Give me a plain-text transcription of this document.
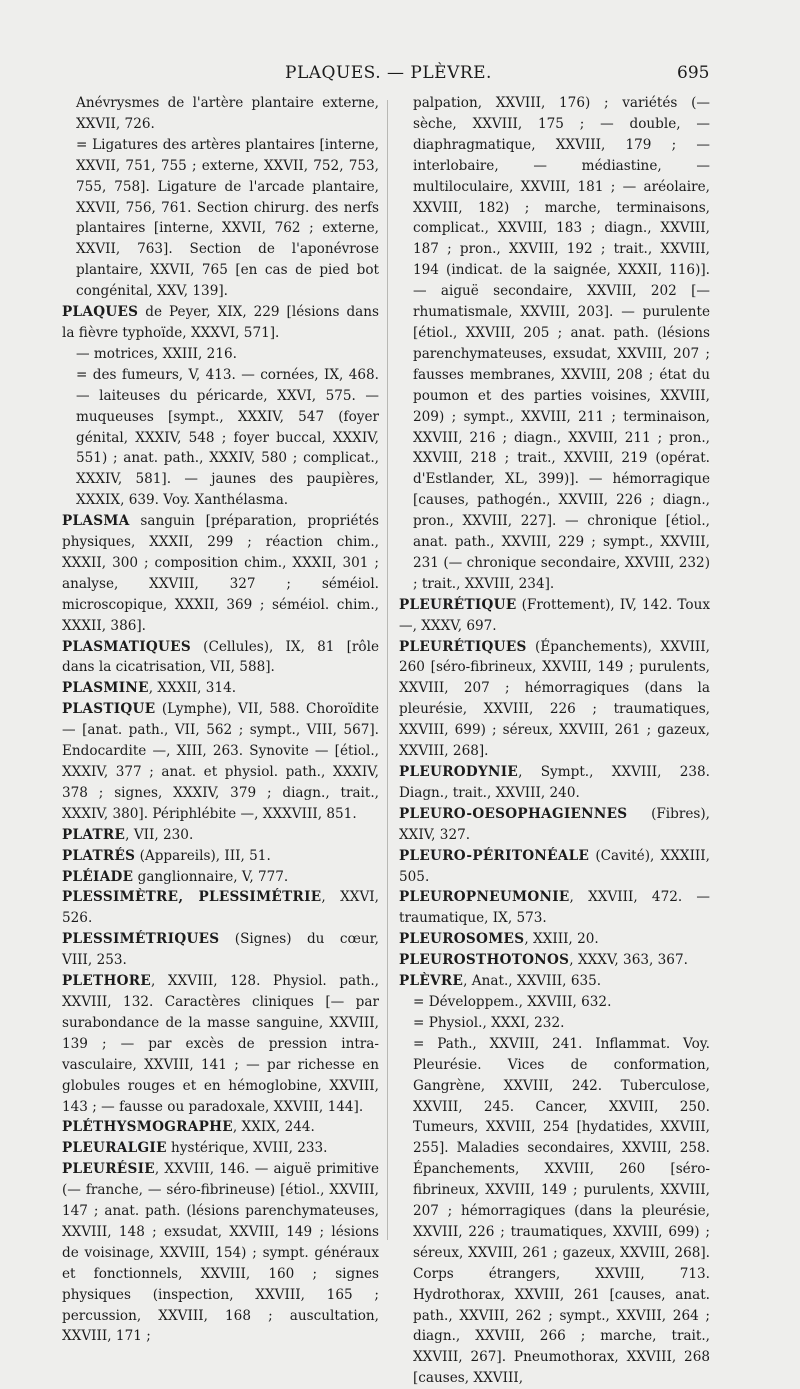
PLAQUES. — PLÈVRE.	695
Anévrysmes de l'artère plantaire externe, XXVII, 726.
= Ligatures des artères plantaires [interne, XXVII, 751, 755 ; externe, XXVII, 752, 753, 755, 758]. Ligature de l'arcade plantaire, XXVII, 756, 761. Section chirurg. des nerfs plantaires [interne, XXVII, 762 ; externe, XXVII, 763]. Section de l'aponévrose plantaire, XXVII, 765 [en cas de pied bot congénital, XXV, 139].
PLAQUES de Peyer, XIX, 229 [lésions dans la fièvre typhoïde, XXXVI, 571].
— motrices, XXIII, 216.
= des fumeurs, V, 413. — cornées, IX, 468. — laiteuses du péricarde, XXVI, 575. — muqueuses [sympt., XXXIV, 547 (foyer génital, XXXIV, 548 ; foyer buccal, XXXIV, 551) ; anat. path., XXXIV, 580 ; complicat., XXXIV, 581]. — jaunes des paupières, XXXIX, 639. Voy. Xanthélasma.
PLASMA sanguin [préparation, propriétés physiques, XXXII, 299 ; réaction chim., XXXII, 300 ; composition chim., XXXII, 301 ; analyse, XXVIII, 327 ; séméiol. microscopique, XXXII, 369 ; séméiol. chim., XXXII, 386].
PLASMATIQUES (Cellules), IX, 81 [rôle dans la cicatrisation, VII, 588].
PLASMINE, XXXII, 314.
PLASTIQUE (Lymphe), VII, 588. Choroïdite — [anat. path., VII, 562 ; sympt., VIII, 567]. Endocardite —, XIII, 263. Synovite — [étiol., XXXIV, 377 ; anat. et physiol. path., XXXIV, 378 ; signes, XXXIV, 379 ; diagn., trait., XXXIV, 380]. Périphlébite —, XXXVIII, 851.
PLATRE, VII, 230.
PLATRÉS (Appareils), III, 51.
PLÉIADE ganglionnaire, V, 777.
PLESSIMÈTRE, PLESSIMÉTRIE, XXVI, 526.
PLESSIMÉTRIQUES (Signes) du cœur, VIII, 253.
PLETHORE, XXVIII, 128. Physiol. path., XXVIII, 132. Caractères cliniques [— par surabondance de la masse sanguine, XXVIII, 139 ; — par excès de pression intra-vasculaire, XXVIII, 141 ; — par richesse en globules rouges et en hémoglobine, XXVIII, 143 ; — fausse ou paradoxale, XXVIII, 144].
PLÉTHYSMOGRAPHE, XXIX, 244.
PLEURALGIE hystérique, XVIII, 233.
PLEURÉSIE, XXVIII, 146. — aiguë primitive (— franche, — séro-fibrineuse) [étiol., XXVIII, 147 ; anat. path. (lésions parenchymateuses, XXVIII, 148 ; exsudat, XXVIII, 149 ; lésions de voisinage, XXVIII, 154) ; sympt. généraux et fonctionnels, XXVIII, 160 ; signes physiques (inspection, XXVIII, 165 ; percussion, XXVIII, 168 ; auscultation, XXVIII, 171 ;
palpation, XXVIII, 176) ; variétés (— sèche, XXVIII, 175 ; — double, — diaphragmatique, XXVIII, 179 ; — interlobaire, — médiastine, — multiloculaire, XXVIII, 181 ; — aréolaire, XXVIII, 182) ; marche, terminaisons, complicat., XXVIII, 183 ; diagn., XXVIII, 187 ; pron., XXVIII, 192 ; trait., XXVIII, 194 (indicat. de la saignée, XXXII, 116)]. — aiguë secondaire, XXVIII, 202 [— rhumatismale, XXVIII, 203]. — purulente [étiol., XXVIII, 205 ; anat. path. (lésions parenchymateuses, exsudat, XXVIII, 207 ; fausses membranes, XXVIII, 208 ; état du poumon et des parties voisines, XXVIII, 209) ; sympt., XXVIII, 211 ; terminaison, XXVIII, 216 ; diagn., XXVIII, 211 ; pron., XXVIII, 218 ; trait., XXVIII, 219 (opérat. d'Estlander, XL, 399)]. — hémorragique [causes, pathogén., XXVIII, 226 ; diagn., pron., XXVIII, 227]. — chronique [étiol., anat. path., XXVIII, 229 ; sympt., XXVIII, 231 (— chronique secondaire, XXVIII, 232) ; trait., XXVIII, 234].
PLEURÉTIQUE (Frottement), IV, 142. Toux —, XXXV, 697.
PLEURÉTIQUES (Épanchements), XXVIII, 260 [séro-fibrineux, XXVIII, 149 ; purulents, XXVIII, 207 ; hémorragiques (dans la pleurésie, XXVIII, 226 ; traumatiques, XXVIII, 699) ; séreux, XXVIII, 261 ; gazeux, XXVIII, 268].
PLEURODYNIE, Sympt., XXVIII, 238. Diagn., trait., XXVIII, 240.
PLEURO-OESOPHAGIENNES (Fibres), XXIV, 327.
PLEURO-PÉRITONÉALE (Cavité), XXXIII, 505.
PLEUROPNEUMONIE, XXVIII, 472. — traumatique, IX, 573.
PLEUROSOMES, XXIII, 20.
PLEUROSTHOTONOS, XXXV, 363, 367.
PLÈVRE, Anat., XXVIII, 635.
= Développem., XXVIII, 632.
= Physiol., XXXI, 232.
= Path., XXVIII, 241. Inflammat. Voy. Pleurésie. Vices de conformation, Gangrène, XXVIII, 242. Tuberculose, XXVIII, 245. Cancer, XXVIII, 250. Tumeurs, XXVIII, 254 [hydatides, XXVIII, 255]. Maladies secondaires, XXVIII, 258. Épanchements, XXVIII, 260 [séro-fibrineux, XXVIII, 149 ; purulents, XXVIII, 207 ; hémorragiques (dans la pleurésie, XXVIII, 226 ; traumatiques, XXVIII, 699) ; séreux, XXVIII, 261 ; gazeux, XXVIII, 268]. Corps étrangers, XXVIII, 713. Hydrothorax, XXVIII, 261 [causes, anat. path., XXVIII, 262 ; sympt., XXVIII, 264 ; diagn., XXVIII, 266 ; marche, trait., XXVIII, 267]. Pneumothorax, XXVIII, 268 [causes, XXVIII,
